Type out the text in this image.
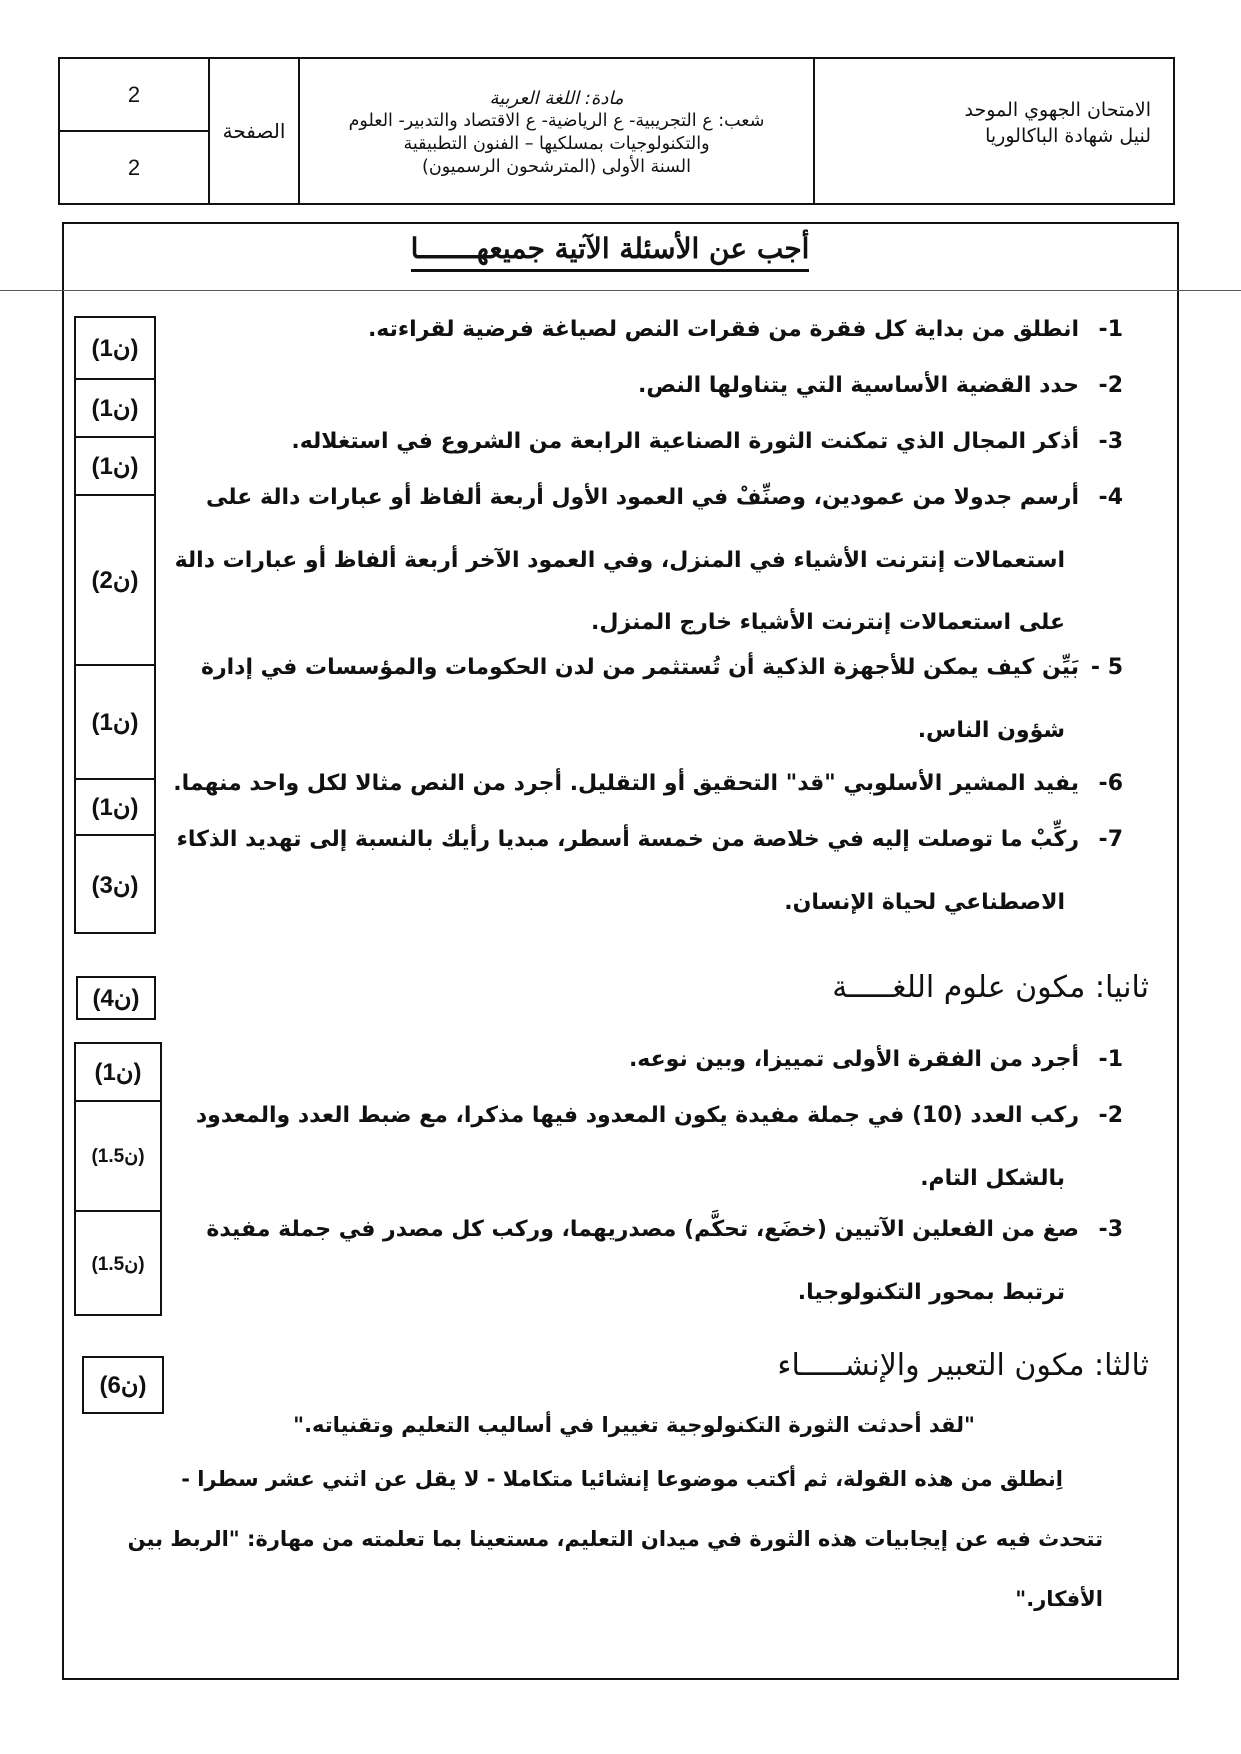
2
2
الصفحة
مادة: اللغة العربية
شعب: ع التجريبية- ع الرياضية- ع الاقتصاد والتدبير- العلوم
والتكنولوجيات بمسلكيها – الفنون التطبيقية
السنة الأولى (المترشحون الرسميون)
الامتحان الجهوي الموحد
لنيل شهادة الباكالوريا
أجب عن الأسئلة الآتية جميعهـــــــا
1-انطلق من بداية كل فقرة من فقرات النص لصياغة فرضية لقراءته.
2-حدد القضية الأساسية التي يتناولها النص.
3-أذكر المجال الذي تمكنت الثورة الصناعية الرابعة من الشروع في استغلاله.
4-أرسم جدولا من عمودين، وصنِّفْ في العمود الأول أربعة ألفاظ أو عبارات دالة على
استعمالات إنترنت الأشياء في المنزل، وفي العمود الآخر أربعة ألفاظ أو عبارات دالة
على استعمالات إنترنت الأشياء خارج المنزل.
5 -بَيِّن كيف يمكن للأجهزة الذكية أن تُستثمر من لدن الحكومات والمؤسسات في إدارة
شؤون الناس.
6-يفيد المشير الأسلوبي "قد" التحقيق أو التقليل. أجرد من النص مثالا لكل واحد منهما.
7-ركِّبْ ما توصلت إليه في خلاصة من خمسة أسطر، مبديا رأيك بالنسبة إلى تهديد الذكاء
الاصطناعي لحياة الإنسان.
(1ن)
(1ن)
(1ن)
(2ن)
(1ن)
(1ن)
(3ن)
(4ن)	ثانيا: مكون علوم اللغـــــة
1-أجرد من الفقرة الأولى تمييزا، وبين نوعه.
2-ركب العدد (10) في جملة مفيدة يكون المعدود فيها مذكرا، مع ضبط العدد والمعدود
بالشكل التام.
3-صغ من الفعلين الآتيين (خضَع، تحكَّم) مصدريهما، وركب كل مصدر في جملة مفيدة
ترتبط بمحور التكنولوجيا.
(1ن)
(1.5ن)
(1.5ن)
(6ن)
ثالثا: مكون التعبير والإنشـــــاء
"لقد أحدثت الثورة التكنولوجية تغييرا في أساليب التعليم وتقنياته."
اِنطلق من هذه القولة، ثم أكتب موضوعا إنشائيا متكاملا - لا يقل عن اثني عشر سطرا -
تتحدث فيه عن إيجابيات هذه الثورة في ميدان التعليم، مستعينا بما تعلمته من مهارة: "الربط بين
الأفكار."
